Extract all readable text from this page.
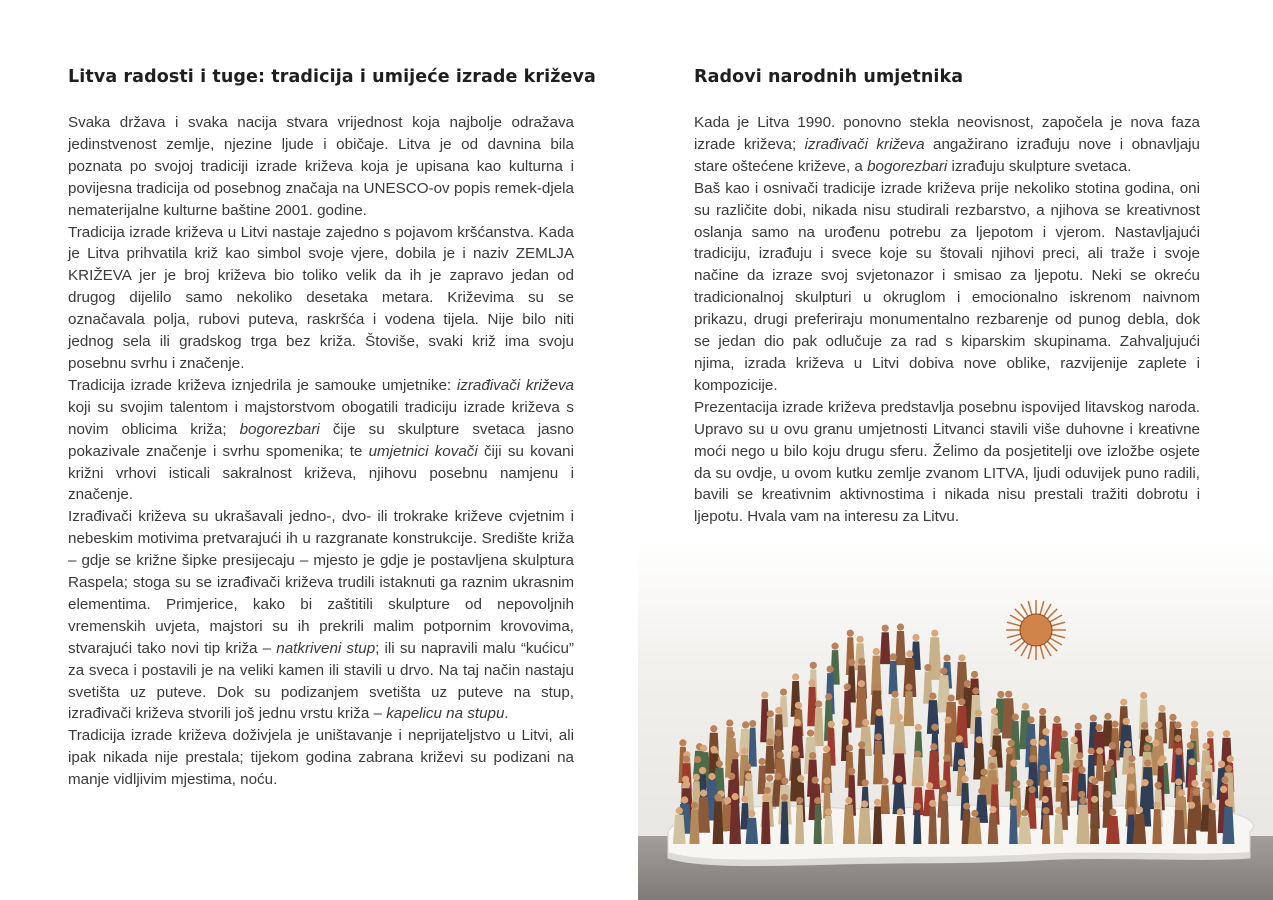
Litva radosti i tuge: tradicija i umijeće izrade križeva

Svaka država i svaka nacija stvara vrijednost koja najbolje odražava jedinstvenost zemlje, njezine ljude i običaje. Litva je od davnina bila poznata po svojoj tradiciji izrade križeva koja je upisana kao kulturna i povijesna tradicija od posebnog značaja na UNESCO-ov popis remek-djela nematerijalne kulturne baštine 2001. godine.

Tradicija izrade križeva u Litvi nastaje zajedno s pojavom kršćanstva. Kada je Litva prihvatila križ kao simbol svoje vjere, dobila je i naziv ZEMLJA KRIŽEVA jer je broj križeva bio toliko velik da ih je zapravo jedan od drugog dijelilo samo nekoliko desetaka metara. Križevima su se označavala polja, rubovi puteva, raskršća i vodena tijela. Nije bilo niti jednog sela ili gradskog trga bez križa. Štoviše, svaki križ ima svoju posebnu svrhu i značenje.

Tradicija izrade križeva iznjedrila je samouke umjetnike: izrađivači križeva koji su svojim talentom i majstorstvom obogatili tradiciju izrade križeva s novim oblicima križa; bogorezbari čije su skulpture svetaca jasno pokazivale značenje i svrhu spomenika; te umjetnici kovači čiji su kovani križni vrhovi isticali sakralnost križeva, njihovu posebnu namjenu i značenje.

Izrađivači križeva su ukrašavali jedno-, dvo- ili trokrake križeve cvjetnim i nebeskim motivima pretvarajući ih u razgranate konstrukcije. Središte križa – gdje se križne šipke presijecaju – mjesto je gdje je postavljena skulptura Raspela; stoga su se izrađivači križeva trudili istaknuti ga raznim ukrasnim elementima. Primjerice, kako bi zaštitili skulpture od nepovoljnih vremenskih uvjeta, majstori su ih prekrili malim potpornim krovovima, stvarajući tako novi tip križa – natkriveni stup; ili su napravili malu “kućicu” za sveca i postavili je na veliki kamen ili stavili u drvo. Na taj način nastaju svetišta uz puteve. Dok su podizanjem svetišta uz puteve na stup, izrađivači križeva stvorili još jednu vrstu križa – kapelicu na stupu.

Tradicija izrade križeva doživjela je uništavanje i neprijateljstvo u Litvi, ali ipak nikada nije prestala; tijekom godina zabrana križevi su podizani na manje vidljivim mjestima, noću.

Radovi narodnih umjetnika

Kada je Litva 1990. ponovno stekla neovisnost, započela je nova faza izrade križeva; izrađivači križeva angažirano izrađuju nove i obnavljaju stare oštećene križeve, a bogorezbari izrađuju skulpture svetaca.

Baš kao i osnivači tradicije izrade križeva prije nekoliko stotina godina, oni su različite dobi, nikada nisu studirali rezbarstvo, a njihova se kreativnost oslanja samo na urođenu potrebu za ljepotom i vjerom. Nastavljajući tradiciju, izrađuju i svece koje su štovali njihovi preci, ali traže i svoje načine da izraze svoj svjetonazor i smisao za ljepotu. Neki se okreću tradicionalnoj skulpturi u okruglom i emocionalno iskrenom naivnom prikazu, drugi preferiraju monumentalno rezbarenje od punog debla, dok se jedan dio pak odlučuje za rad s kiparskim skupinama. Zahvaljujući njima, izrada križeva u Litvi dobiva nove oblike, razvijenije zaplete i kompozicije.

Prezentacija izrade križeva predstavlja posebnu ispovijed litavskog naroda. Upravo su u ovu granu umjetnosti Litvanci stavili više duhovne i kreativne moći nego u bilo koju drugu sferu. Želimo da posjetitelji ove izložbe osjete da su ovdje, u ovom kutku zemlje zvanom LITVA, ljudi oduvijek puno radili, bavili se kreativnim aktivnostima i nikada nisu prestali tražiti dobrotu i ljepotu. Hvala vam na interesu za Litvu.
